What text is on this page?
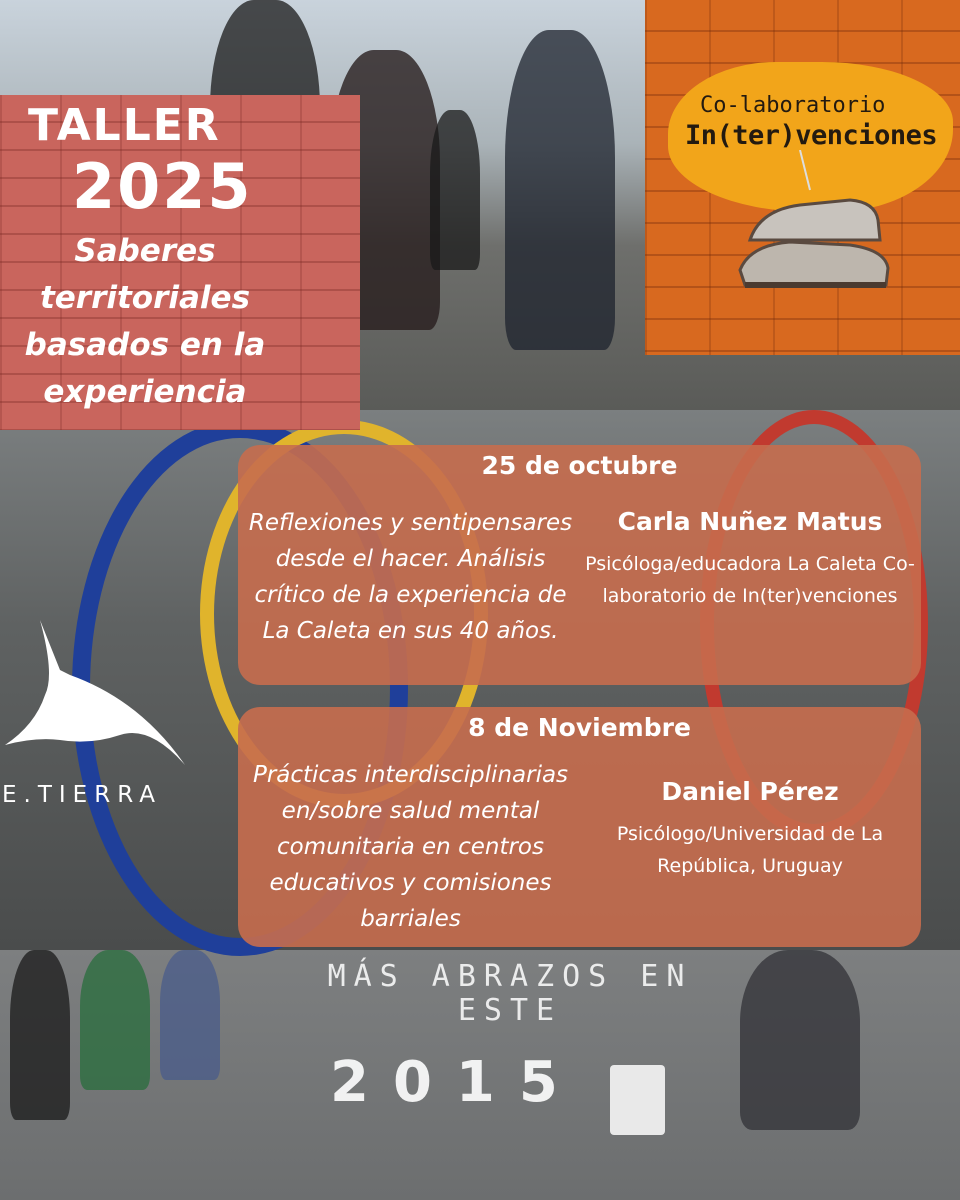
MÁS ABRAZOS EN ESTE
2015
TALLER
2025
Saberes territoriales basados en la experiencia
Co-laboratorio
In(ter)venciones
E.TIERRA
25 de octubre
Reflexiones y sentipensares desde el hacer. Análisis crítico de la experiencia de La Caleta en sus 40 años.
Carla Nuñez Matus
Psicóloga/educadora La Caleta Co-laboratorio de In(ter)venciones
8 de Noviembre
Prácticas interdisciplinarias en/sobre salud mental comunitaria en centros educativos y comisiones barriales
Daniel Pérez
Psicólogo/Universidad de La República, Uruguay
